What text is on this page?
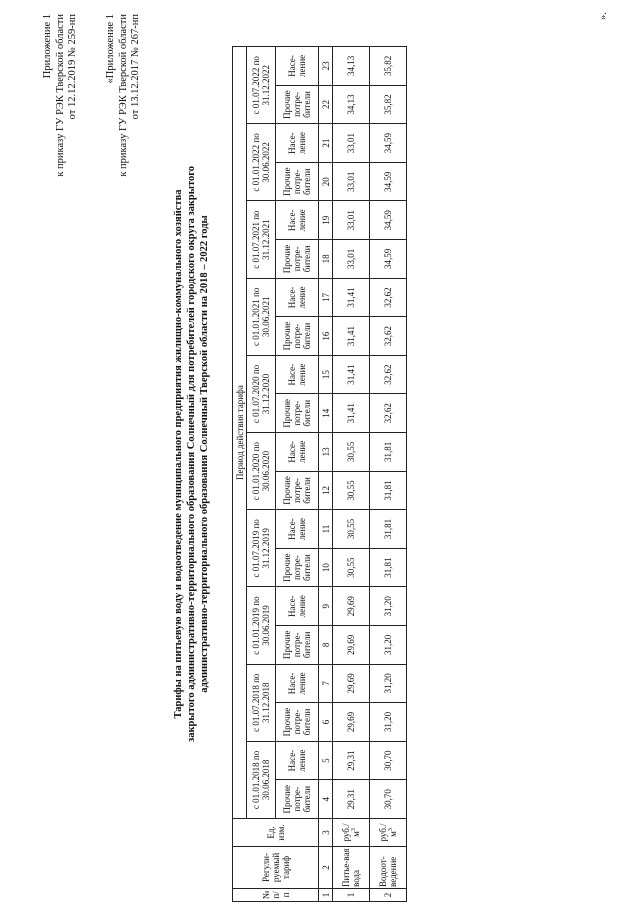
Приложение 1 к приказу ГУ РЭК Тверской области от 12.12.2019 № 259-нп	«Приложение 1 к приказу ГУ РЭК Тверской области от 13.12.2017 № 267-нп
Тарифы на питьевую воду и водоотведение муниципального предприятия жилищно-коммунального хозяйства закрытого административно-территориального образования Солнечный для потребителей городского округа закрытого административно-территориального образования Солнечный Тверской области на 2018 – 2022 годы
№ п/ п	Регули-руемый тариф	Ед. изм.	Период действия тарифа																			
			с 01.01.2018 по 30.06.2018		с 01.07.2018 по 31.12.2018		с 01.01.2019 по 30.06.2019		с 01.07.2019 по 31.12.2019		с 01.01.2020 по 30.06.2020		с 01.07.2020 по 31.12.2020		с 01.01.2021 по 30.06.2021		с 01.07.2021 по 31.12.2021		с 01.01.2022 по 30.06.2022		с 01.07.2022 по 31.12.2022	
			Прочие потре-бители	Насе-ление	Прочие потре-бители	Насе-ление	Прочие потре-бители	Насе-ление	Прочие потре-бители	Насе-ление	Прочие потре-бители	Насе-ление	Прочие потре-бители	Насе-ление	Прочие потре-бители	Насе-ление	Прочие потре-бители	Насе-ление	Прочие потре-бители	Насе-ление	Прочие потре-бители	Насе-ление
1	2	3	4	5	6	7	8	9	10	11	12	13	14	15	16	17	18	19	20	21	22	23
1	Питье-вая вода	$руб./м^3$	29,31	29,31	29,69	29,69	29,69	29,69	30,55	30,55	30,55	30,55	31,41	31,41	31,41	31,41	33,01	33,01	33,01	33,01	34,13	34,13
2	Водоот-ведение	$руб./м^3$	30,70	30,70	31,20	31,20	31,20	31,20	31,81	31,81	31,81	31,81	32,62	32,62	32,62	32,62	34,59	34,59	34,59	34,59	35,82	35,82
».
